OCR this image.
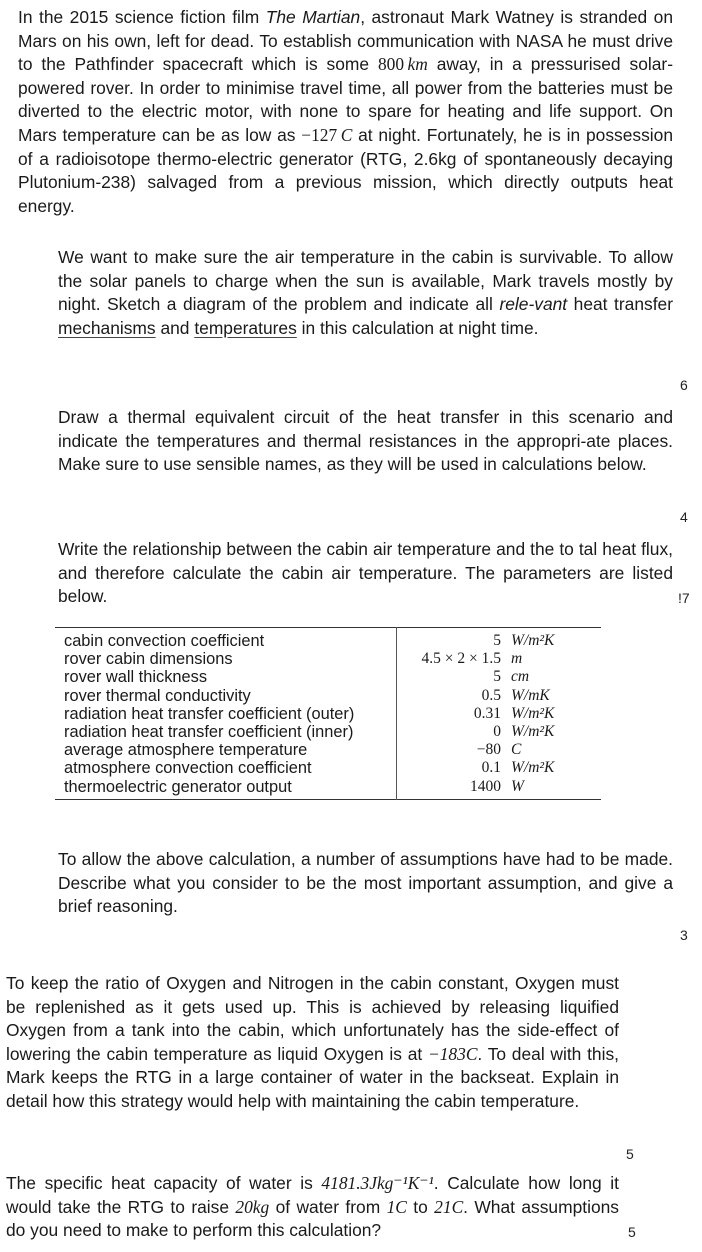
In the 2015 science fiction film The Martian, astronaut Mark Watney is stranded on Mars on his own, left for dead. To establish communication with NASA he must drive to the Pathfinder spacecraft which is some 800  km away, in a pressurised solar-powered rover. In order to minimise travel time, all power from the batteries must be diverted to the electric motor, with none to spare for heating and life support. On Mars temperature can be as low as −127  C at night. Fortunately, he is in possession of a radioisotope thermo-electric generator (RTG, 2.6kg of spontaneously decaying Plutonium-238) salvaged from a previous mission, which directly outputs heat energy.
We want to make sure the air temperature in the cabin is survivable. To allow the solar panels to charge when the sun is available, Mark travels mostly by night. Sketch a diagram of the problem and indicate all rele-vant heat transfer mechanisms and temperatures in this calculation at night time.
6
Draw a thermal equivalent circuit of the heat transfer in this scenario and indicate the temperatures and thermal resistances in the appropri-ate places. Make sure to use sensible names, as they will be used in calculations below.
4
Write the relationship between the cabin air temperature and the to tal heat flux, and therefore calculate the cabin air temperature. The parameters are listed below.	!7
cabin convection coefficient	5	W/m²K
rover cabin dimensions	4.5 × 2 × 1.5	m
rover wall thickness	5	cm
rover thermal conductivity	0.5	W/mK
radiation heat transfer coefficient (outer)	0.31	W/m²K
radiation heat transfer coefficient (inner)	0	W/m²K
average atmosphere temperature	−80	C
atmosphere convection coefficient	0.1	W/m²K
thermoelectric generator output	1400	W
To allow the above calculation, a number of assumptions have had to be made. Describe what you consider to be the most important assumption, and give a brief reasoning.
3
To keep the ratio of Oxygen and Nitrogen in the cabin constant, Oxygen must be replenished as it gets used up. This is achieved by releasing liquified Oxygen from a tank into the cabin, which unfortunately has the side-effect of lowering the cabin temperature as liquid Oxygen is at −183C. To deal with this, Mark keeps the RTG in a large container of water in the backseat. Explain in detail how this strategy would help with maintaining the cabin temperature.
5
The specific heat capacity of water is 4181.3Jkg⁻¹K⁻¹. Calculate how long it would take the RTG to raise 20kg of water from 1C to 21C. What assumptions do you need to make to perform this calculation?	5
